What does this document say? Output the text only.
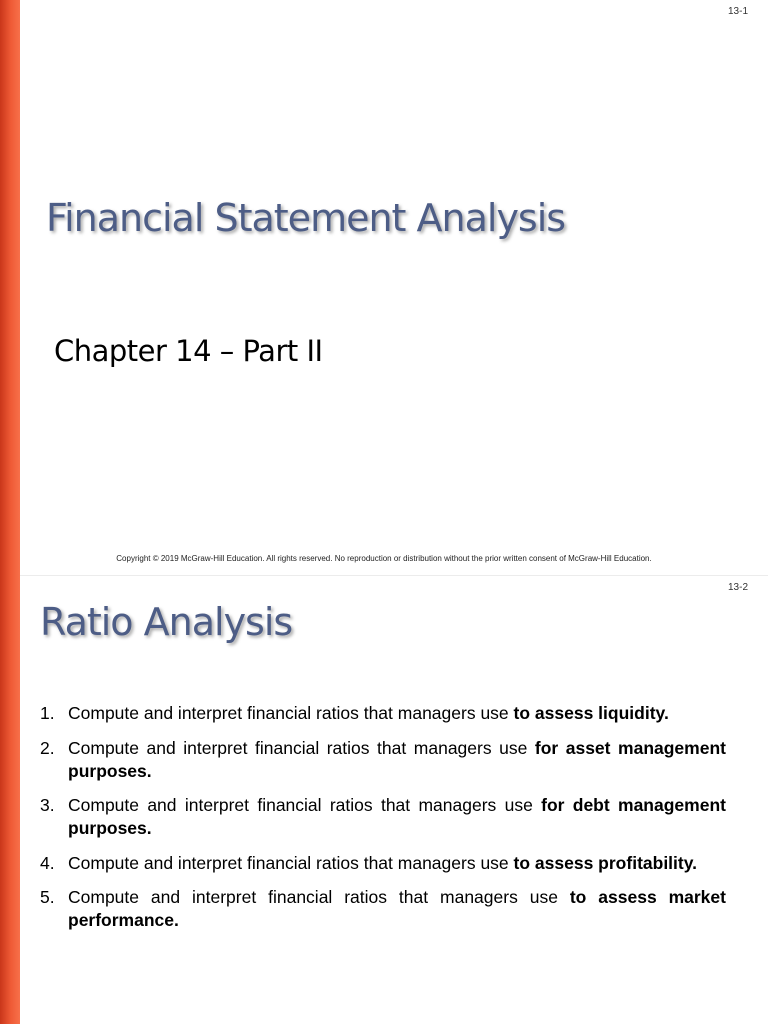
13-1
Financial Statement Analysis
Chapter 14 – Part II
Copyright © 2019 McGraw-Hill Education. All rights reserved. No reproduction or distribution without the prior written consent of McGraw-Hill Education.
13-2
Ratio Analysis
1. Compute and interpret financial ratios that managers use to assess liquidity.
2. Compute and interpret financial ratios that managers use for asset management purposes.
3. Compute and interpret financial ratios that managers use for debt management purposes.
4. Compute and interpret financial ratios that managers use to assess profitability.
5. Compute and interpret financial ratios that managers use to assess market performance.
